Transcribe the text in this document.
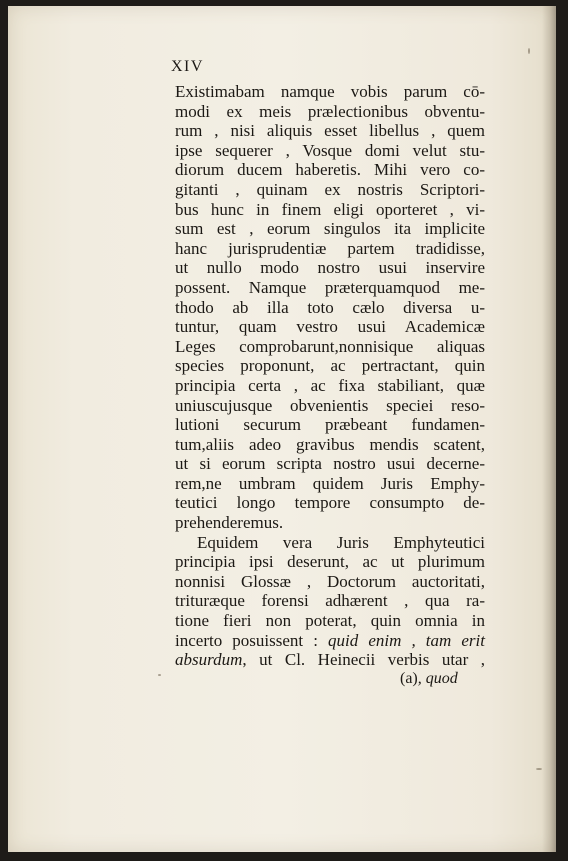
XIV
Existimabam namque vobis parum cō-
modi ex meis prælectionibus obventu-
rum , nisi aliquis esset libellus , quem
ipse sequerer , Vosque domi velut stu-
diorum ducem haberetis. Mihi vero co-
gitanti , quinam ex nostris Scriptori-
bus hunc in finem eligi oporteret , vi-
sum est , eorum singulos ita implicite
hanc jurisprudentiæ partem tradidisse,
ut nullo modo nostro usui inservire
possent. Namque præterquamquod me-
thodo ab illa toto cælo diversa u-
tuntur, quam vestro usui Academicæ
Leges comprobarunt,nonnisique aliquas
species proponunt, ac pertractant, quin
principia certa , ac fixa stabiliant, quæ
uniuscujusque obvenientis speciei reso-
lutioni securum præbeant fundamen-
tum,aliis adeo gravibus mendis scatent,
ut si eorum scripta nostro usui decerne-
rem,ne umbram quidem Juris Emphy-
teutici longo tempore consumpto de-
prehenderemus.
Equidem vera Juris Emphyteutici
principia ipsi deserunt, ac ut plurimum
nonnisi Glossæ , Doctorum auctoritati,
trituræque forensi adhærent , qua ra-
tione fieri non poterat, quin omnia in
incerto posuissent : quid enim , tam erit
absurdum, ut Cl. Heinecii verbis utar ,
(a), quod
